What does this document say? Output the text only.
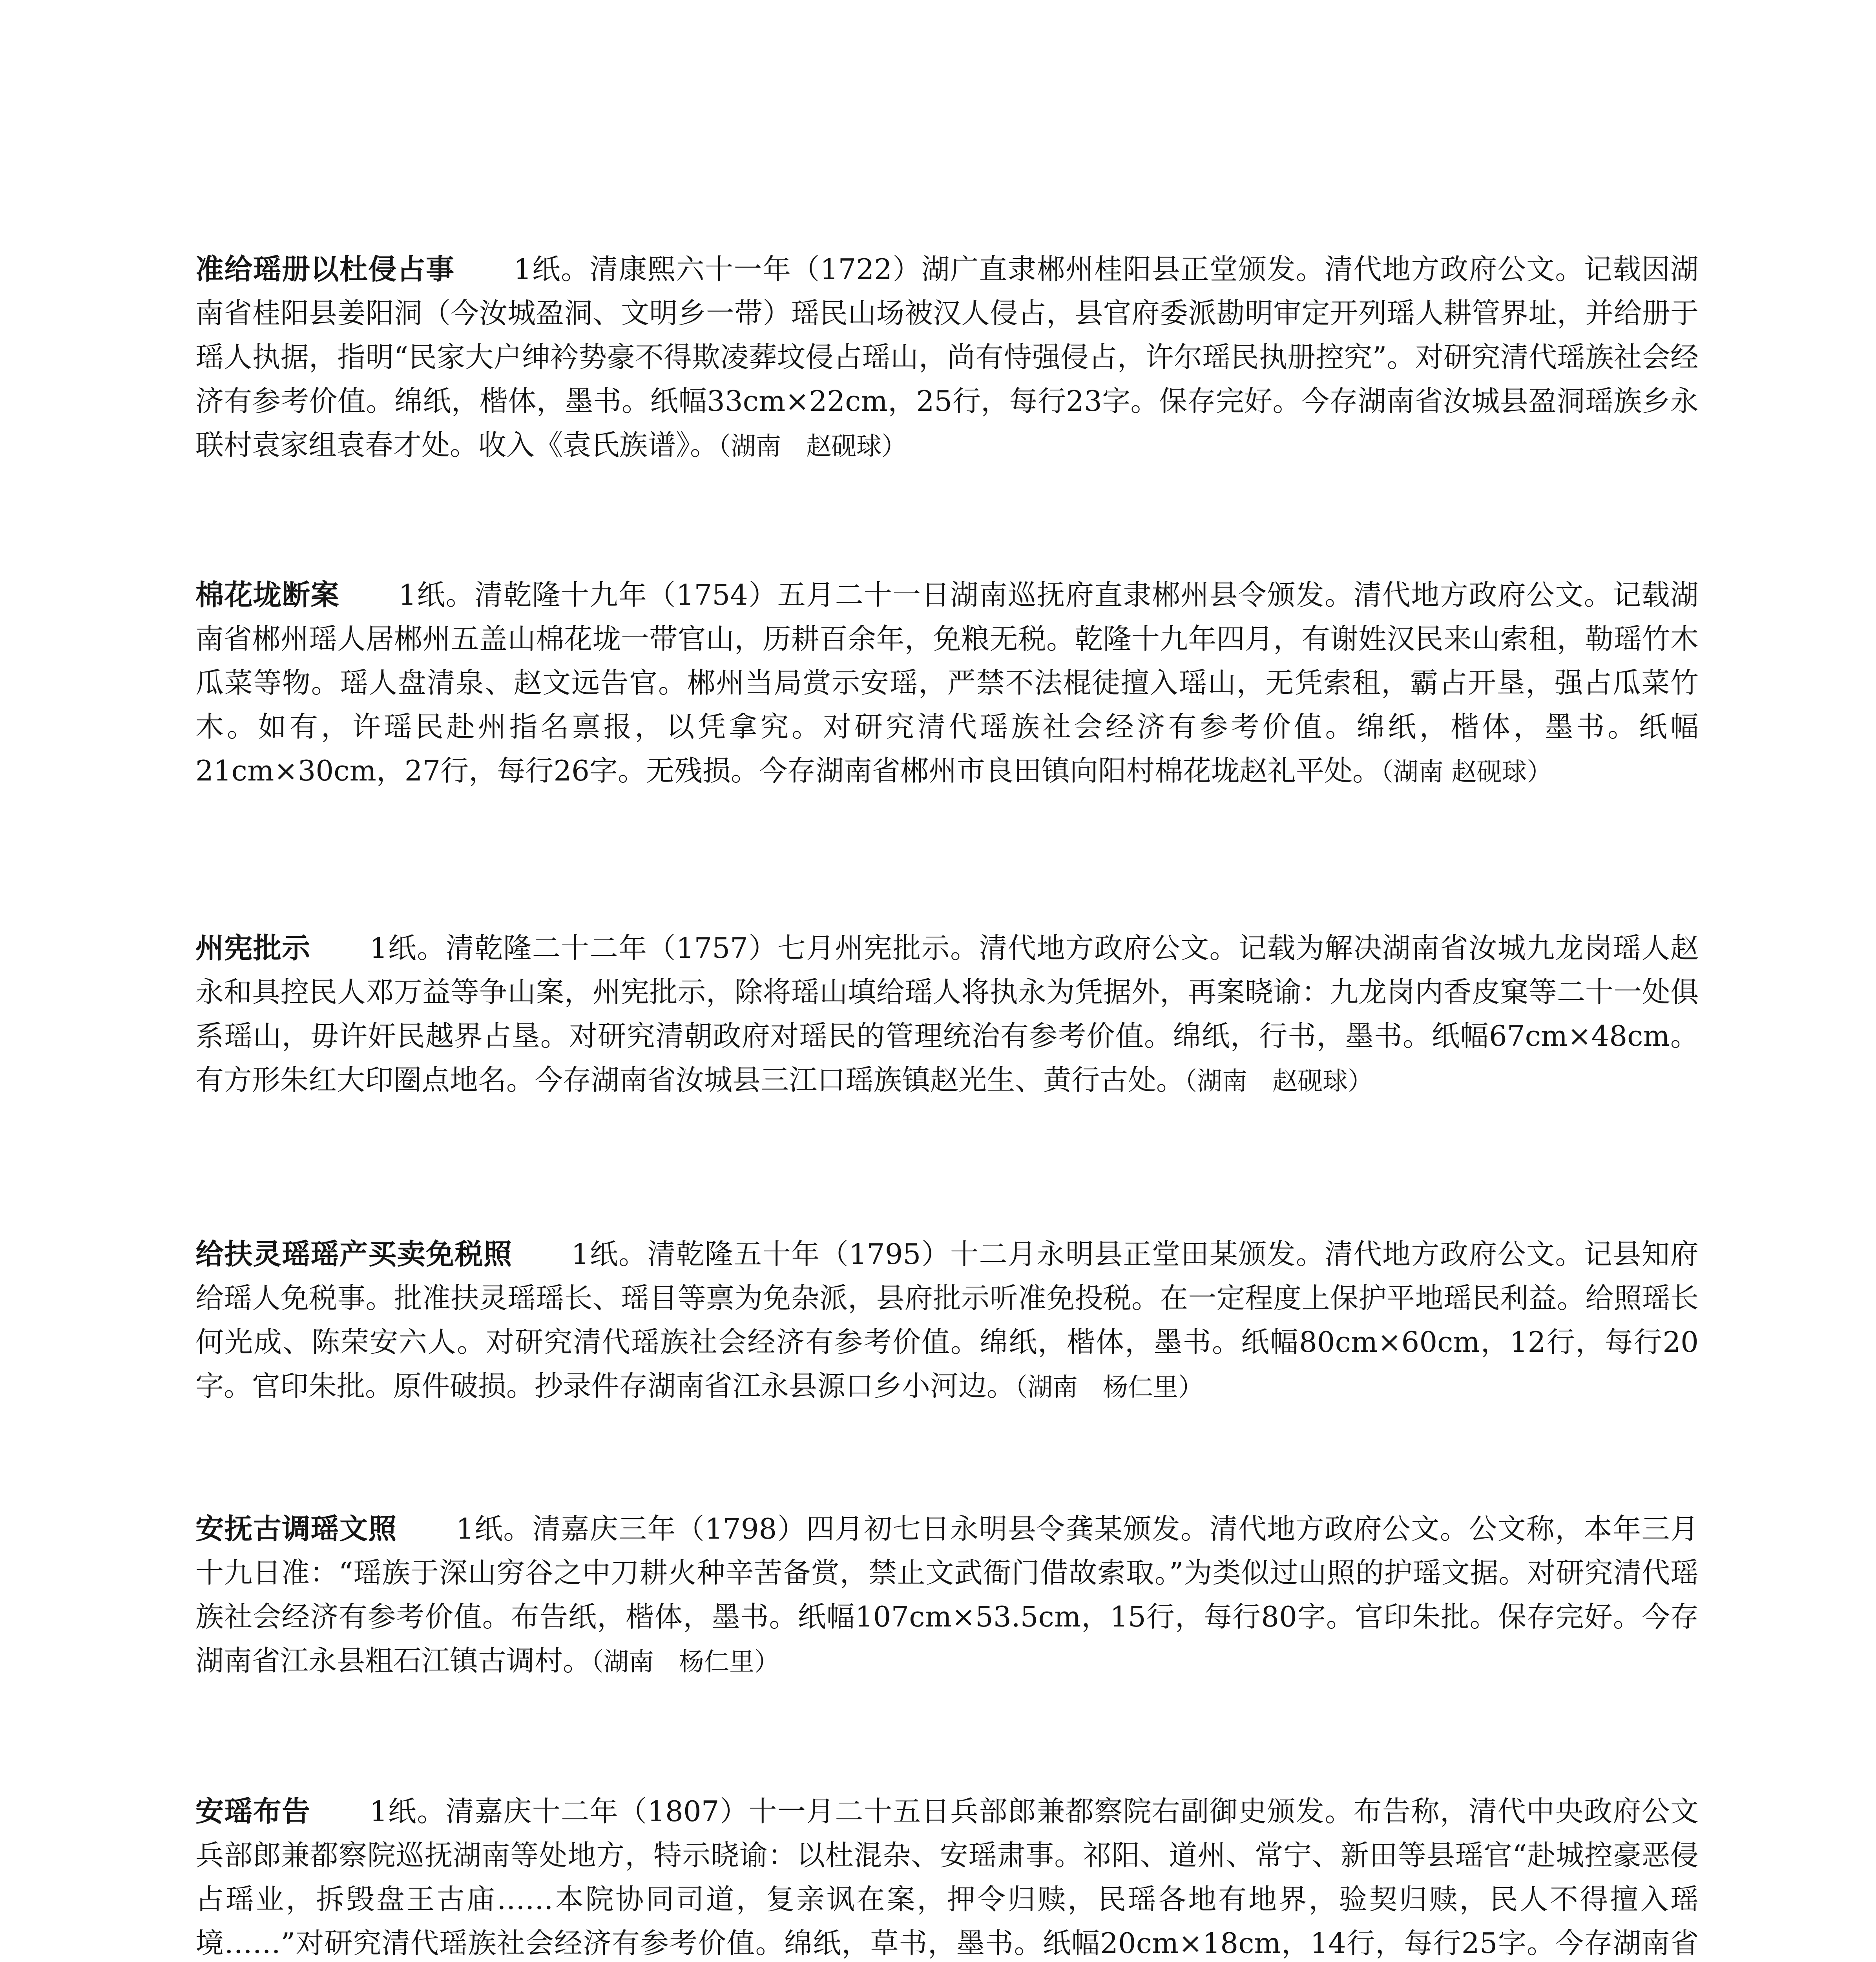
准给瑶册以杜侵占事 1纸。清康熙六十一年（1722）湖广直隶郴州桂阳县正堂颁发。清代地方政府公文。记载因湖南省桂阳县姜阳洞（今汝城盈洞、文明乡一带）瑶民山场被汉人侵占，县官府委派勘明审定开列瑶人耕管界址，并给册于瑶人执据，指明“民家大户绅衿势豪不得欺凌葬坟侵占瑶山，尚有恃强侵占，许尔瑶民执册控究”。对研究清代瑶族社会经济有参考价值。绵纸，楷体，墨书。纸幅33cm×22cm，25行，每行23字。保存完好。今存湖南省汝城县盈洞瑶族乡永联村袁家组袁春才处。收入《袁氏族谱》。（湖南　赵砚球）
棉花垅断案 1纸。清乾隆十九年（1754）五月二十一日湖南巡抚府直隶郴州县令颁发。清代地方政府公文。记载湖南省郴州瑶人居郴州五盖山棉花垅一带官山，历耕百余年，免粮无税。乾隆十九年四月，有谢姓汉民来山索租，勒瑶竹木瓜菜等物。瑶人盘清泉、赵文远告官。郴州当局赏示安瑶，严禁不法棍徒擅入瑶山，无凭索租，霸占开垦，强占瓜菜竹木。如有，许瑶民赴州指名禀报，以凭拿究。对研究清代瑶族社会经济有参考价值。绵纸，楷体，墨书。纸幅21cm×30cm，27行，每行26字。无残损。今存湖南省郴州市良田镇向阳村棉花垅赵礼平处。（湖南 赵砚球）
州宪批示 1纸。清乾隆二十二年（1757）七月州宪批示。清代地方政府公文。记载为解决湖南省汝城九龙岗瑶人赵永和具控民人邓万益等争山案，州宪批示，除将瑶山填给瑶人将执永为凭据外，再案晓谕：九龙岗内香皮窠等二十一处俱系瑶山，毋许奸民越界占垦。对研究清朝政府对瑶民的管理统治有参考价值。绵纸，行书，墨书。纸幅67cm×48cm。有方形朱红大印圈点地名。今存湖南省汝城县三江口瑶族镇赵光生、黄行古处。（湖南　赵砚球）
给扶灵瑶瑶产买卖免税照 1纸。清乾隆五十年（1795）十二月永明县正堂田某颁发。清代地方政府公文。记县知府给瑶人免税事。批准扶灵瑶瑶长、瑶目等禀为免杂派，县府批示听准免投税。在一定程度上保护平地瑶民利益。给照瑶长何光成、陈荣安六人。对研究清代瑶族社会经济有参考价值。绵纸，楷体，墨书。纸幅80cm×60cm，12行，每行20字。官印朱批。原件破损。抄录件存湖南省江永县源口乡小河边。（湖南　杨仁里）
安抚古调瑶文照 1纸。清嘉庆三年（1798）四月初七日永明县令龚某颁发。清代地方政府公文。公文称，本年三月十九日准：“瑶族于深山穷谷之中刀耕火种辛苦备赏，禁止文武衙门借故索取。”为类似过山照的护瑶文据。对研究清代瑶族社会经济有参考价值。布告纸，楷体，墨书。纸幅107cm×53.5cm，15行，每行80字。官印朱批。保存完好。今存湖南省江永县粗石江镇古调村。（湖南　杨仁里）
安瑶布告 1纸。清嘉庆十二年（1807）十一月二十五日兵部郎兼都察院右副御史颁发。布告称，清代中央政府公文兵部郎兼都察院巡抚湖南等处地方，特示晓谕：以杜混杂、安瑶肃事。祁阳、道州、常宁、新田等县瑶官“赴城控豪恶侵占瑶业，拆毁盘王古庙……本院协同司道，复亲讽在案，押令归赎，民瑶各地有地界，验契归赎，民人不得擅入瑶境……”对研究清代瑶族社会经济有参考价值。绵纸，草书，墨书。纸幅20cm×18cm，14行，每行25字。今存湖南省
